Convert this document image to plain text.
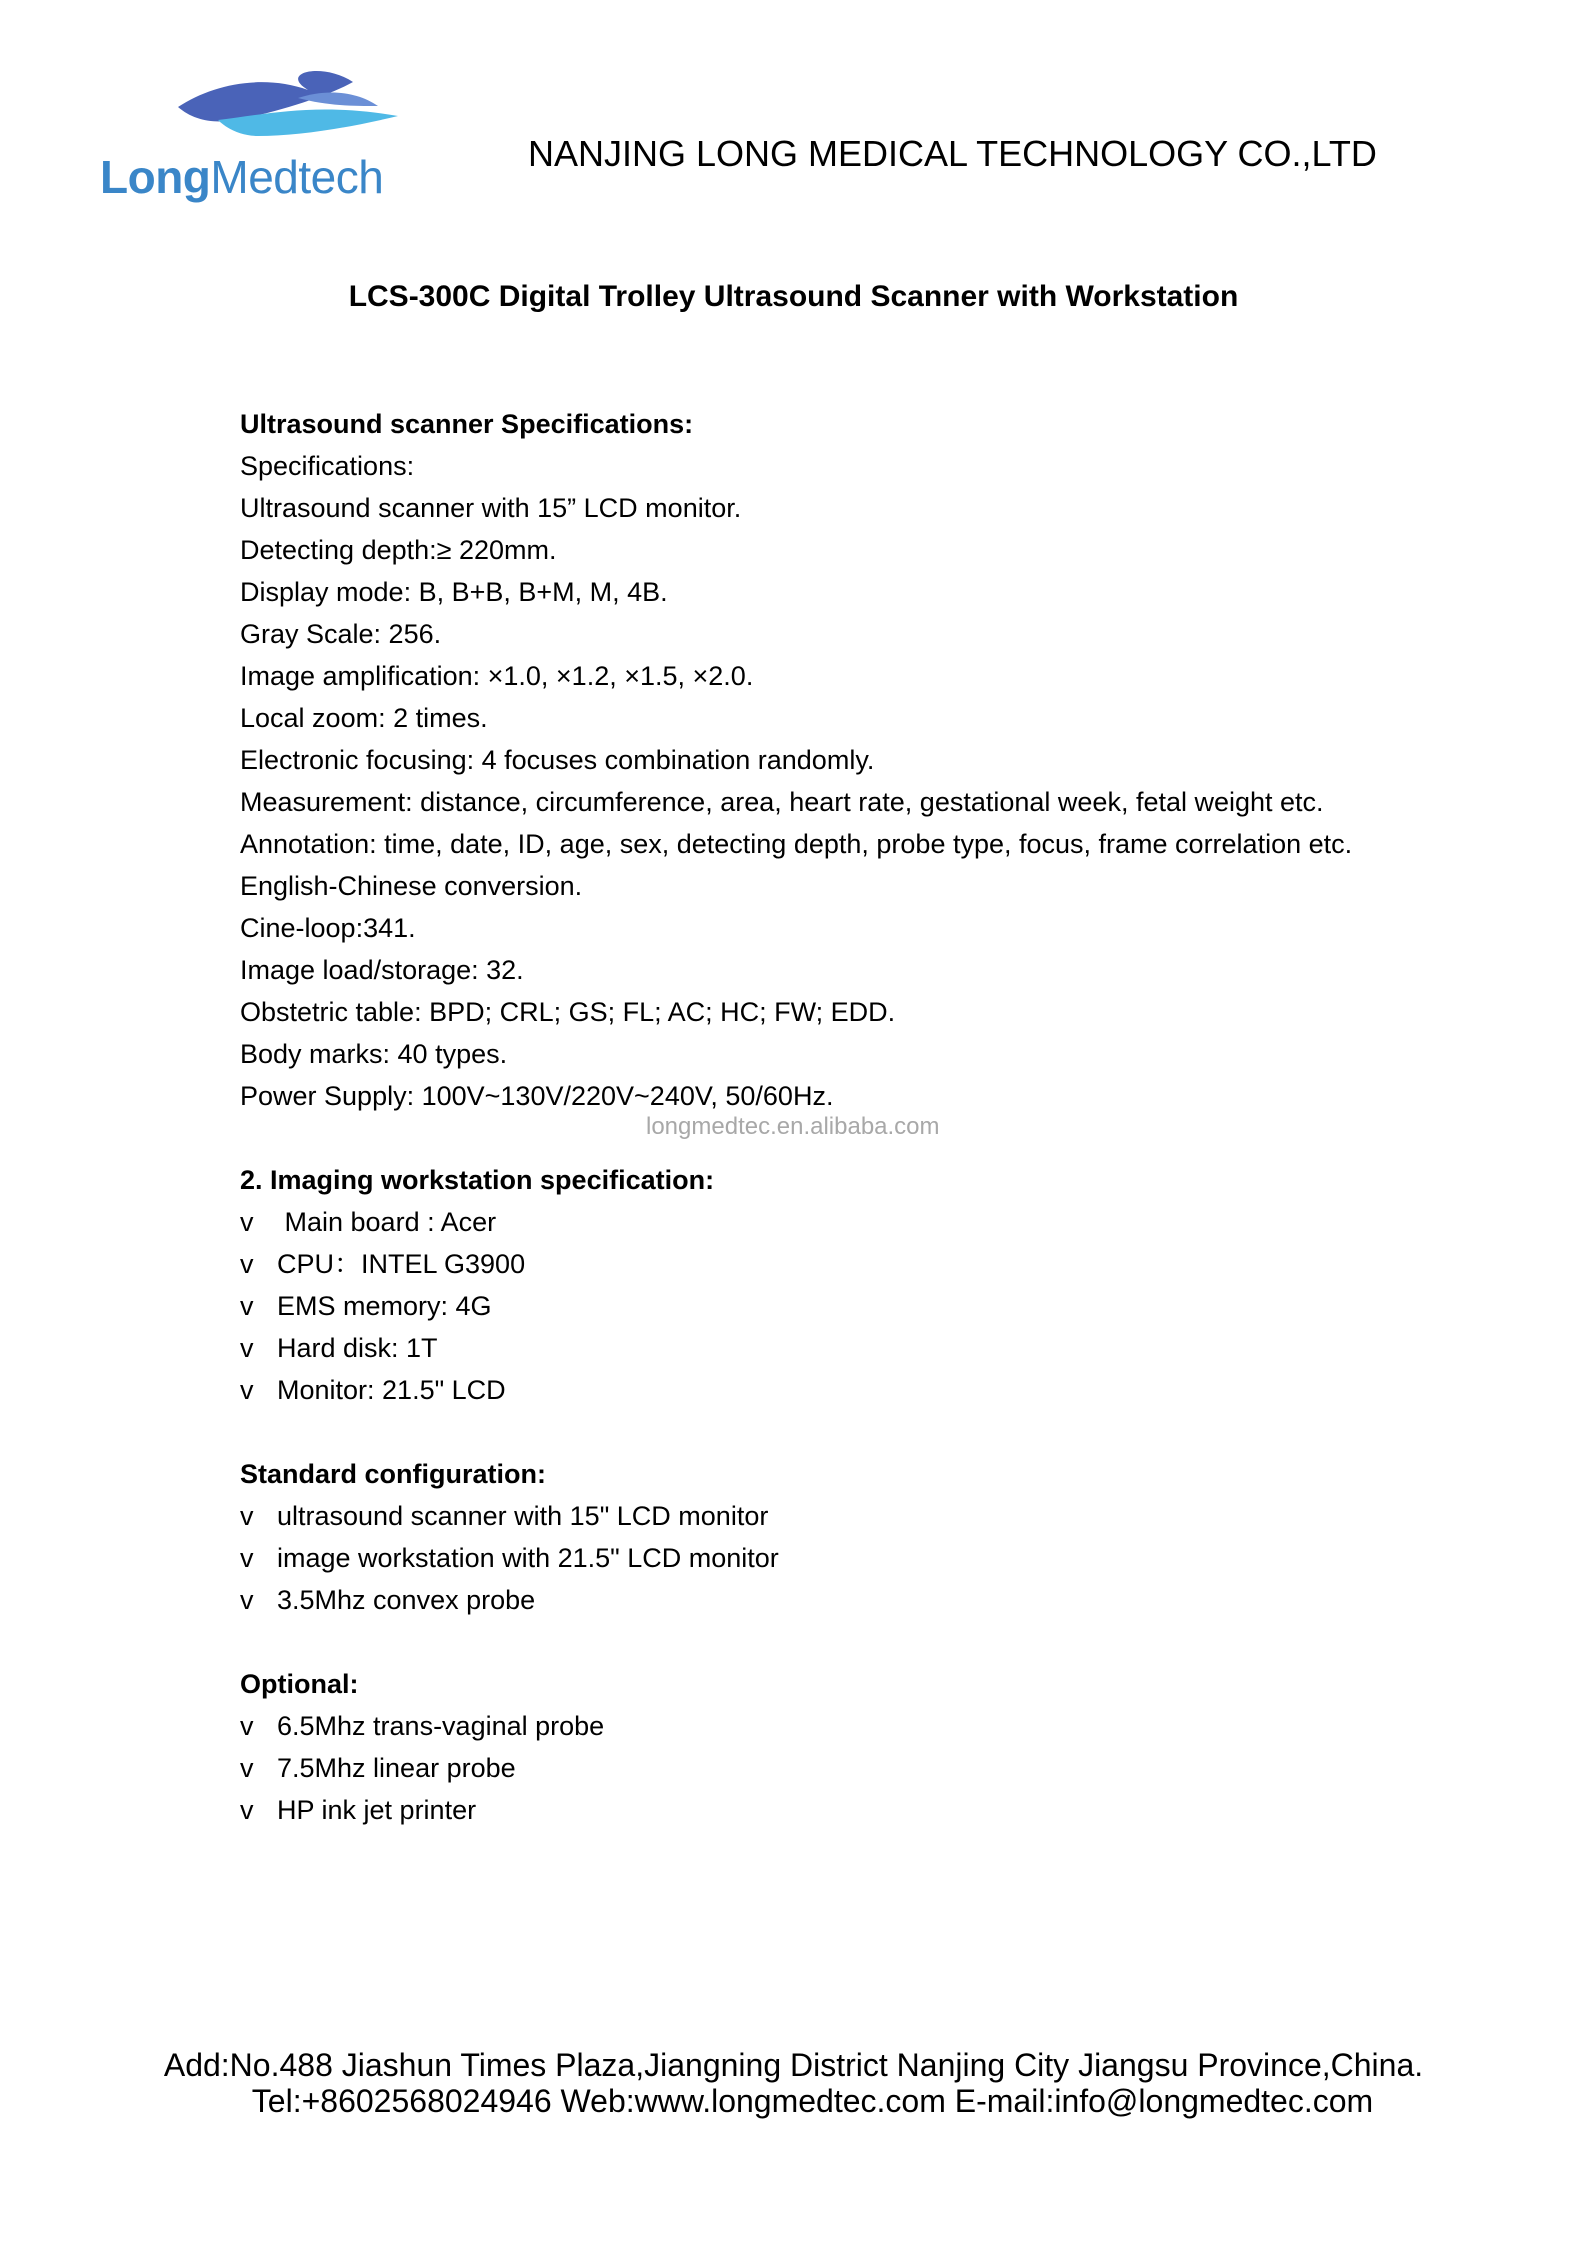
LongMedtech	NANJING LONG MEDICAL TECHNOLOGY CO.,LTD
LCS-300C Digital Trolley Ultrasound Scanner with Workstation
Ultrasound scanner Specifications:
Specifications:
Ultrasound scanner with 15” LCD monitor.
Detecting depth:≥ 220mm.
Display mode: B, B+B, B+M, M, 4B.
Gray Scale: 256.
Image amplification: ×1.0, ×1.2, ×1.5, ×2.0.
Local zoom: 2 times.
Electronic focusing: 4 focuses combination randomly.
Measurement: distance, circumference, area, heart rate, gestational week, fetal weight etc.
Annotation: time, date, ID, age, sex, detecting depth, probe type, focus, frame correlation etc.
English-Chinese conversion.
Cine-loop:341.
Image load/storage: 32.
Obstetric table: BPD; CRL; GS; FL; AC; HC; FW; EDD.
Body marks: 40 types.
Power Supply: 100V~130V/220V~240V, 50/60Hz.
2. Imaging workstation specification:
v Main board : Acer
v CPU：INTEL G3900
v EMS memory: 4G
v Hard disk: 1T
v Monitor: 21.5" LCD
Standard configuration:
v ultrasound scanner with 15" LCD monitor
v image workstation with 21.5" LCD monitor
v 3.5Mhz convex probe
Optional:
v 6.5Mhz trans-vaginal probe
v 7.5Mhz linear probe
v HP ink jet printer
longmedtec.en.alibaba.com
Add:No.488 Jiashun Times Plaza,Jiangning District Nanjing City Jiangsu Province,China.
Tel:+8602568024946 Web:www.longmedtec.com E-mail:info@longmedtec.com
